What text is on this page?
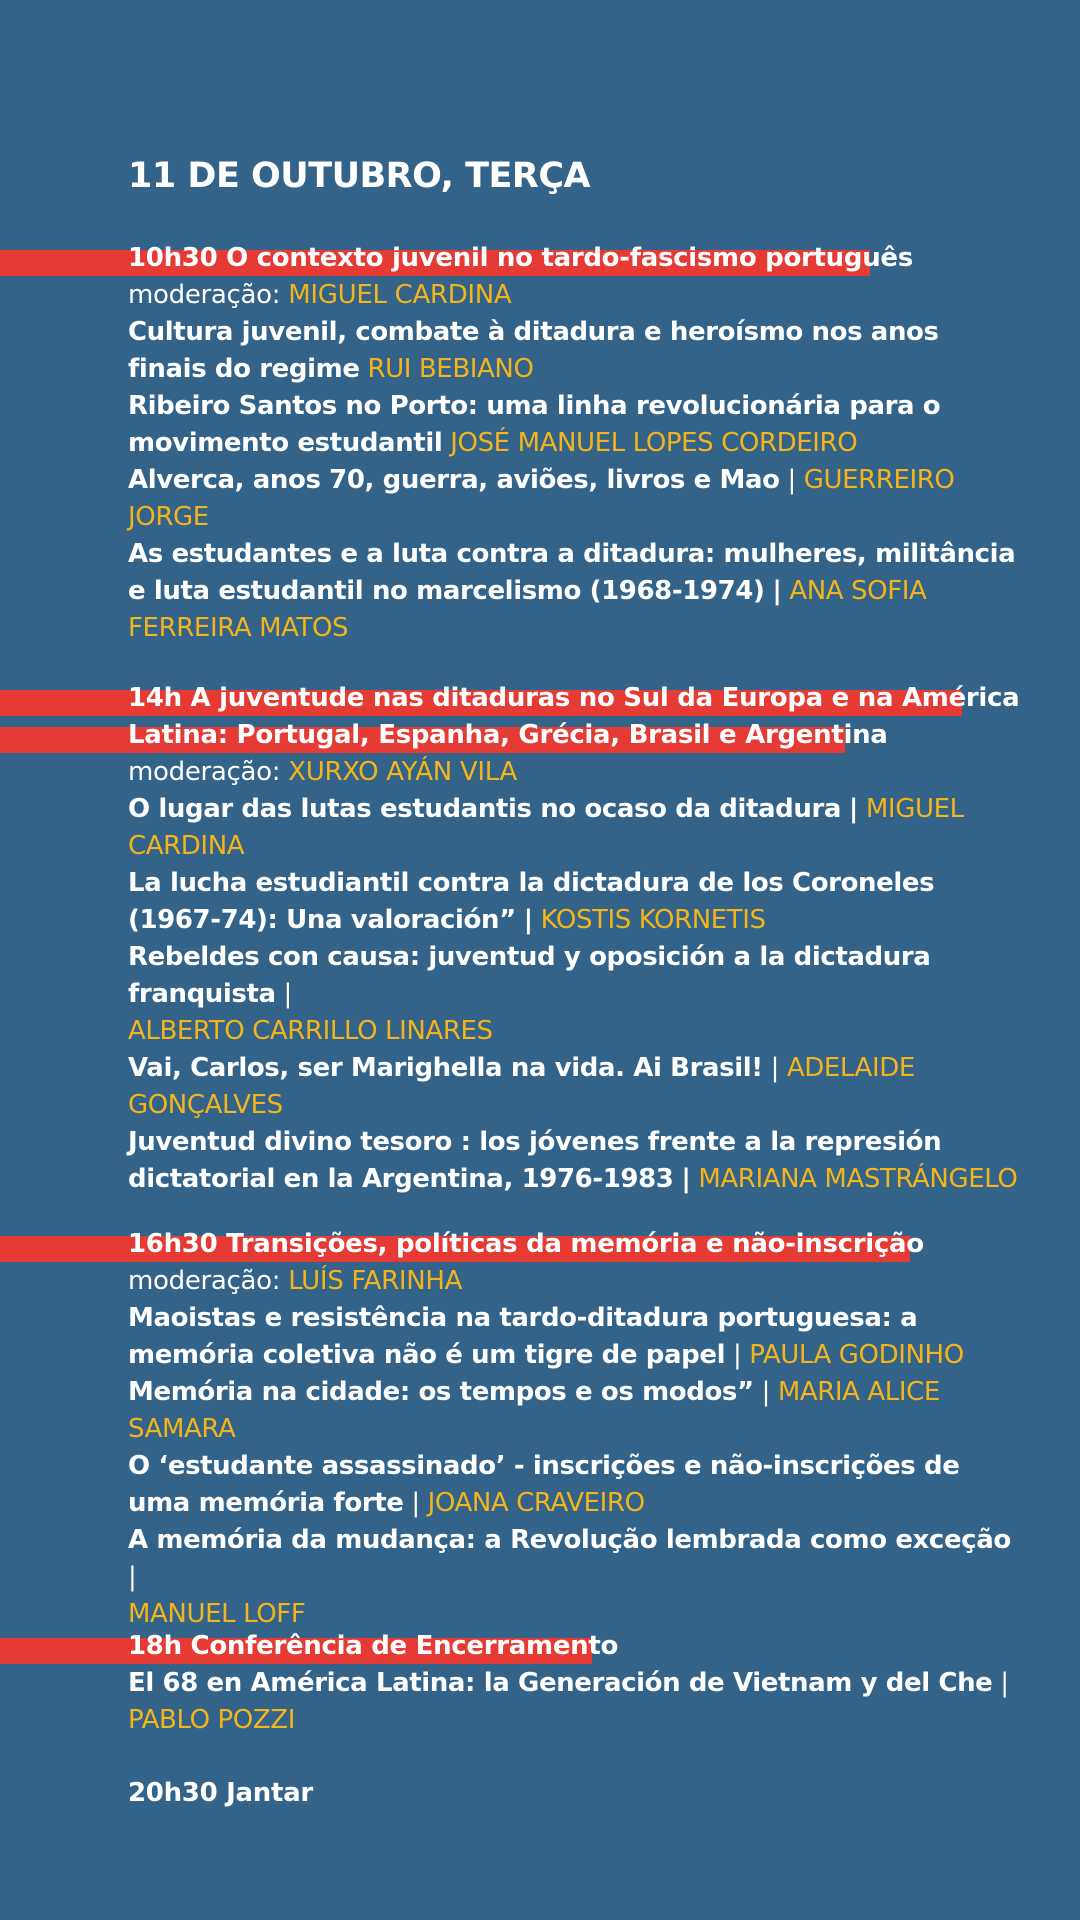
11 DE OUTUBRO, TERÇA
10h30 O contexto juvenil no tardo-fascismo português
moderação: MIGUEL CARDINA
Cultura juvenil, combate à ditadura e heroísmo nos anos finais do regime RUI BEBIANO
Ribeiro Santos no Porto: uma linha revolucionária para o movimento estudantil JOSÉ MANUEL LOPES CORDEIRO
Alverca, anos 70, guerra, aviões, livros e Mao | GUERREIRO JORGE
As estudantes e a luta contra a ditadura: mulheres, militância e luta estudantil no marcelismo (1968-1974) | ANA SOFIA FERREIRA MATOS
14h A juventude nas ditaduras no Sul da Europa e na América
Latina: Portugal, Espanha, Grécia, Brasil e Argentina
moderação: XURXO AYÁN VILA
O lugar das lutas estudantis no ocaso da ditadura | MIGUEL CARDINA
La lucha estudiantil contra la dictadura de los Coroneles (1967-74): Una valoración” | KOSTIS KORNETIS
Rebeldes con causa: juventud y oposición a la dictadura franquista |
ALBERTO CARRILLO LINARES
Vai, Carlos, ser Marighella na vida. Ai Brasil! | ADELAIDE GONÇALVES
Juventud divino tesoro : los jóvenes frente a la represión dictatorial en la Argentina, 1976-1983 | MARIANA MASTRÁNGELO
16h30 Transições, políticas da memória e não-inscrição
moderação: LUÍS FARINHA
Maoistas e resistência na tardo-ditadura portuguesa: a memória coletiva não é um tigre de papel | PAULA GODINHO
Memória na cidade: os tempos e os modos” | MARIA ALICE SAMARA
O ‘estudante assassinado’ - inscrições e não-inscrições de uma memória forte | JOANA CRAVEIRO
A memória da mudança: a Revolução lembrada como exceção |
MANUEL LOFF
18h Conferência de Encerramento
El 68 en América Latina: la Generación de Vietnam y del Che |
PABLO POZZI
20h30 Jantar
